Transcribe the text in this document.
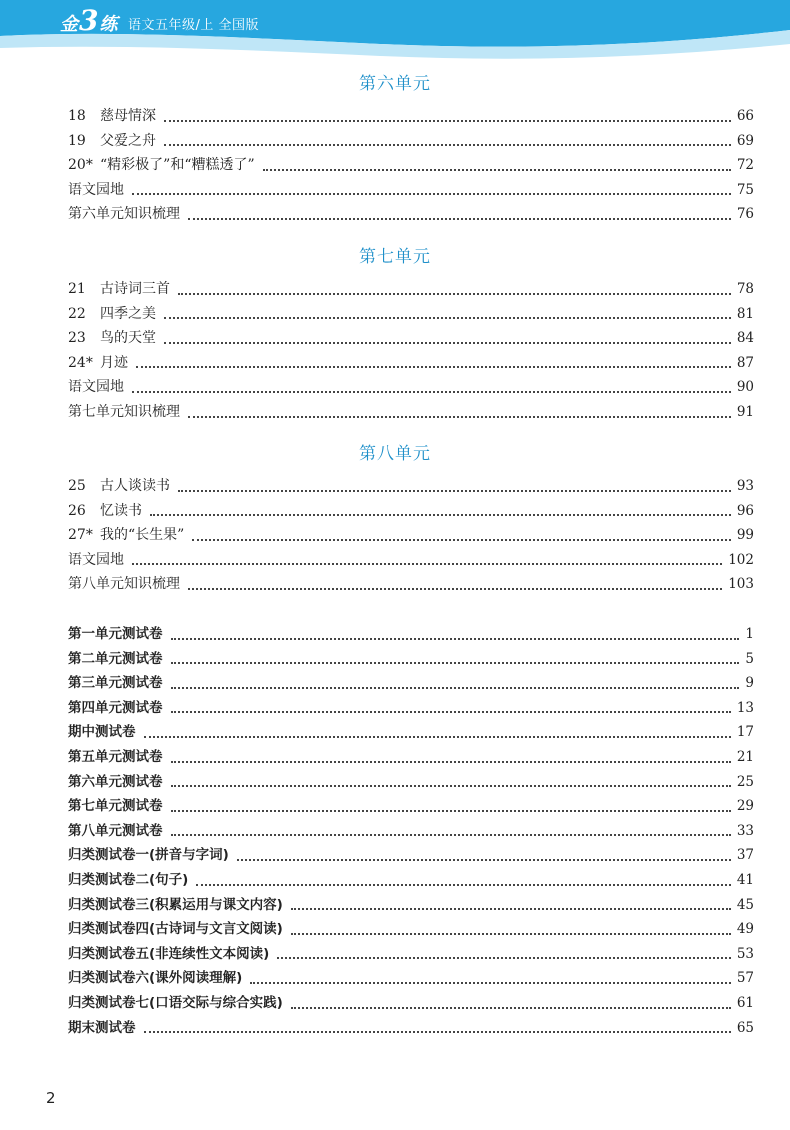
金 3 练 语文五年级/上 全国版
第六单元
18	慈母情深	66
19	父爱之舟	69
20* “精彩极了”和“糟糕透了”	72
语文园地	75
第六单元知识梳理	76
第七单元
21	古诗词三首	78
22	四季之美	81
23	鸟的天堂	84
24* 月迹	87
语文园地	90
第七单元知识梳理	91
第八单元
25	古人谈读书	93
26	忆读书	96
27* 我的“长生果”	99
语文园地	102
第八单元知识梳理	103
第一单元测试卷	1
第二单元测试卷	5
第三单元测试卷	9
第四单元测试卷	13
期中测试卷	17
第五单元测试卷	21
第六单元测试卷	25
第七单元测试卷	29
第八单元测试卷	33
归类测试卷一(拼音与字词)	37
归类测试卷二(句子)	41
归类测试卷三(积累运用与课文内容)	45
归类测试卷四(古诗词与文言文阅读)	49
归类测试卷五(非连续性文本阅读)	53
归类测试卷六(课外阅读理解)	57
归类测试卷七(口语交际与综合实践)	61
期末测试卷	65
2
